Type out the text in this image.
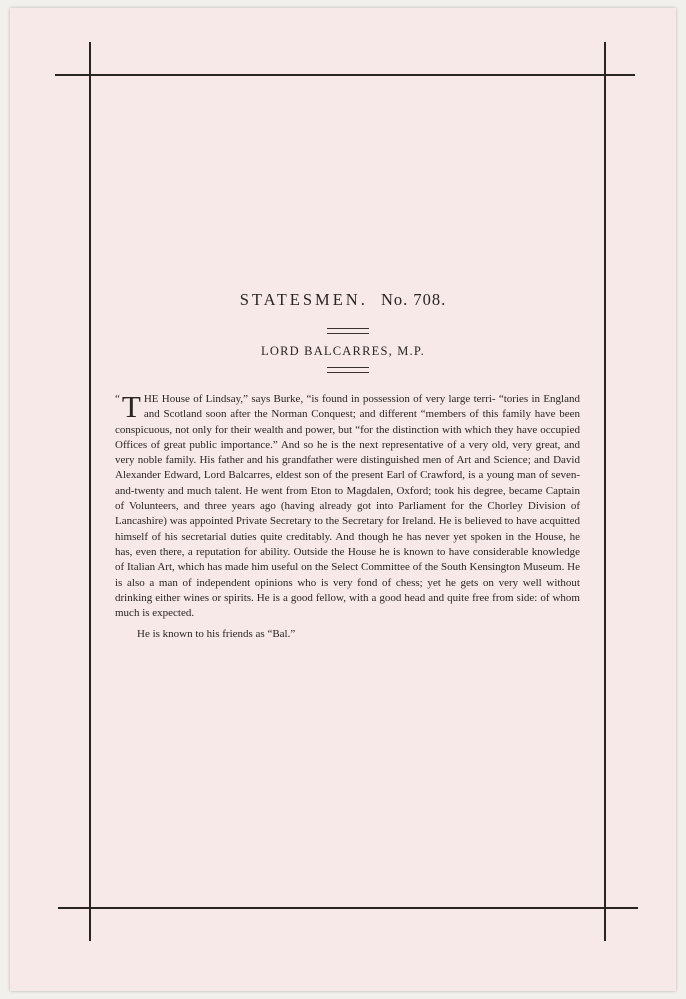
STATESMEN. No. 708.
LORD BALCARRES, M.P.

“ T HE House of Lindsay,” says Burke, “is found in possession of very large terri- “tories in England and Scotland soon after the Norman Conquest; and different “members of this family have been conspicuous, not only for their wealth and power, but “for the distinction with which they have occupied Offices of great public importance.” And so he is the next representative of a very old, very great, and very noble family. His father and his grandfather were distinguished men of Art and Science; and David Alexander Edward, Lord Balcarres, eldest son of the present Earl of Crawford, is a young man of seven-and-twenty and much talent. He went from Eton to Magdalen, Oxford; took his degree, became Captain of Volunteers, and three years ago (having already got into Parliament for the Chorley Division of Lancashire) was appointed Private Secretary to the Secretary for Ireland. He is believed to have acquitted himself of his secretarial duties quite creditably. And though he has never yet spoken in the House, he has, even there, a reputation for ability. Outside the House he is known to have considerable knowledge of Italian Art, which has made him useful on the Select Committee of the South Kensington Museum. He is also a man of independent opinions who is very fond of chess; yet he gets on very well without drinking either wines or spirits. He is a good fellow, with a good head and quite free from side: of whom much is expected.

He is known to his friends as “Bal.”
